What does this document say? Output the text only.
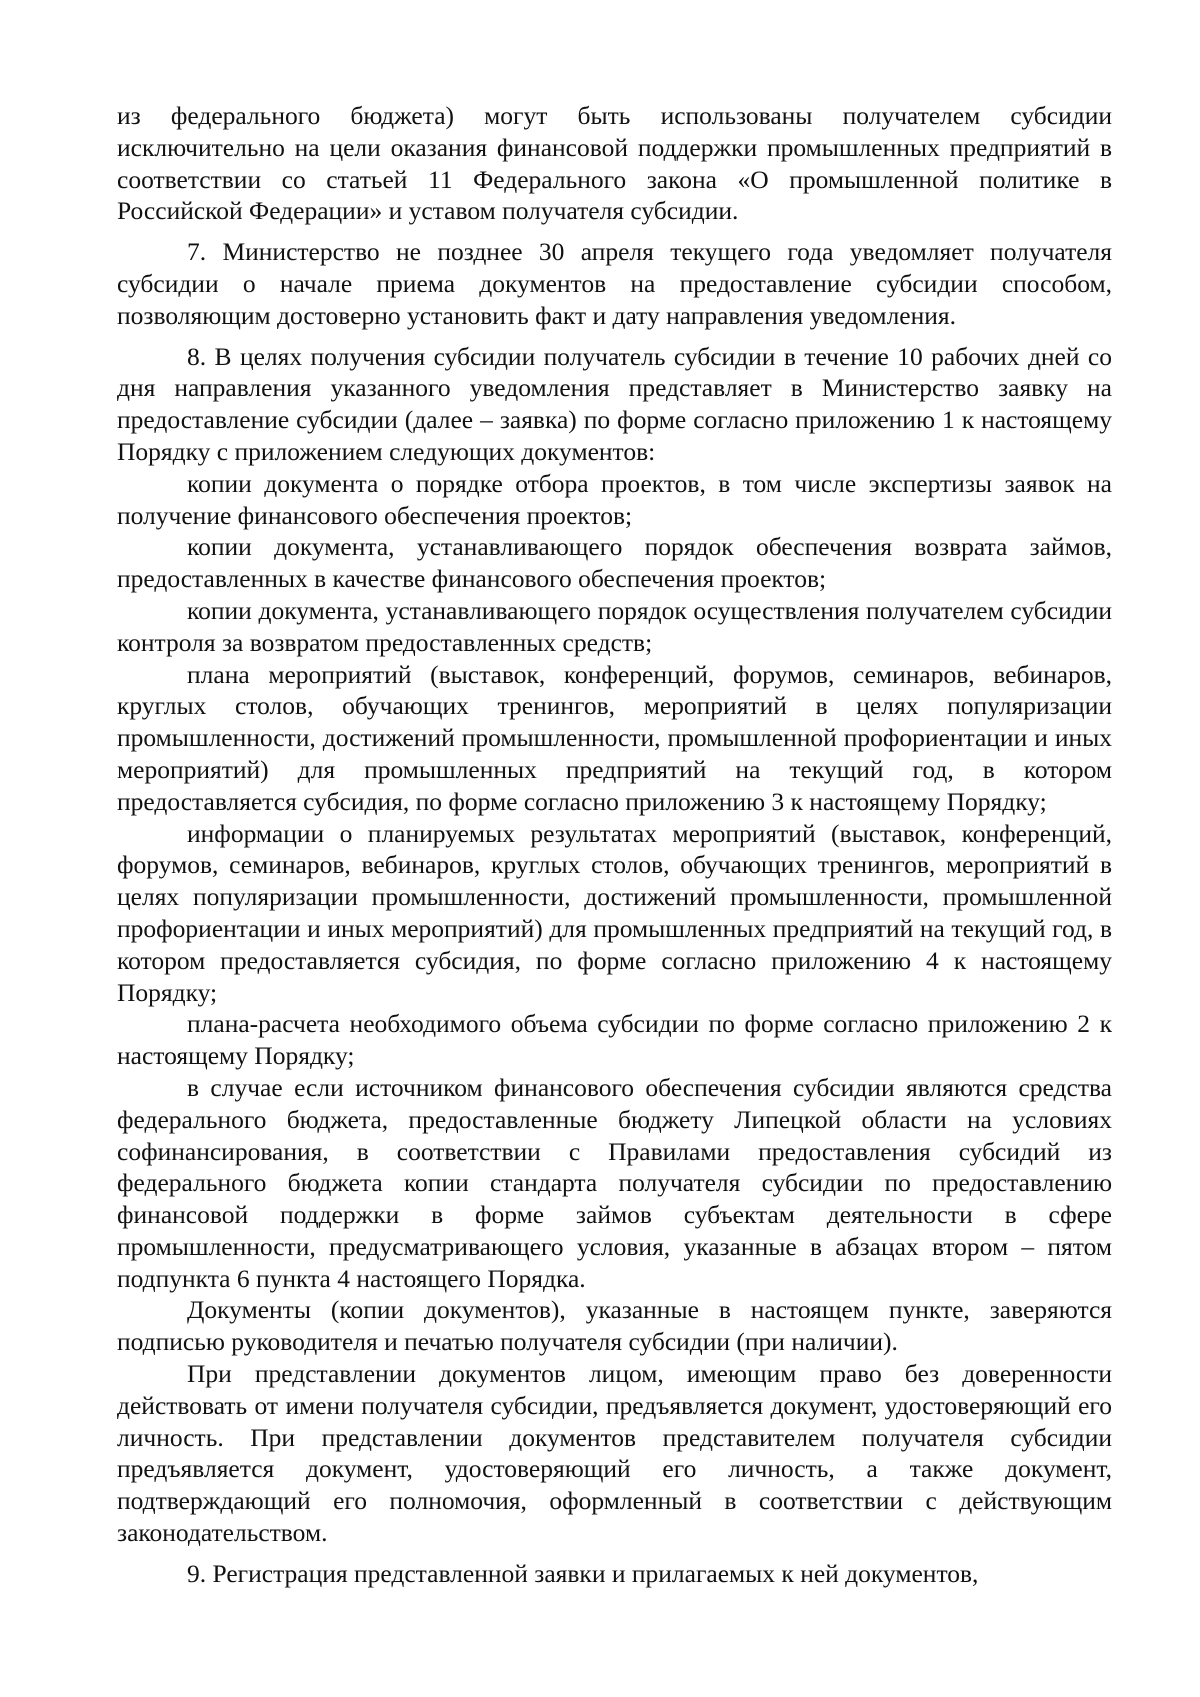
из федерального бюджета) могут быть использованы получателем субсидии исключительно на цели оказания финансовой поддержки промышленных предприятий в соответствии со статьей 11 Федерального закона «О промышленной политике в Российской Федерации» и уставом получателя субсидии.

7. Министерство не позднее 30 апреля текущего года уведомляет получателя субсидии о начале приема документов на предоставление субсидии способом, позволяющим достоверно установить факт и дату направления уведомления.

8. В целях получения субсидии получатель субсидии в течение 10 рабочих дней со дня направления указанного уведомления представляет в Министерство заявку на предоставление субсидии (далее – заявка) по форме согласно приложению 1 к настоящему Порядку с приложением следующих документов:

копии документа о порядке отбора проектов, в том числе экспертизы заявок на получение финансового обеспечения проектов;

копии документа, устанавливающего порядок обеспечения возврата займов, предоставленных в качестве финансового обеспечения проектов;

копии документа, устанавливающего порядок осуществления получателем субсидии контроля за возвратом предоставленных средств;

плана мероприятий (выставок, конференций, форумов, семинаров, вебинаров, круглых столов, обучающих тренингов, мероприятий в целях популяризации промышленности, достижений промышленности, промышленной профориентации и иных мероприятий) для промышленных предприятий на текущий год, в котором предоставляется субсидия, по форме согласно приложению 3 к настоящему Порядку;

информации о планируемых результатах мероприятий (выставок, конференций, форумов, семинаров, вебинаров, круглых столов, обучающих тренингов, мероприятий в целях популяризации промышленности, достижений промышленности, промышленной профориентации и иных мероприятий) для промышленных предприятий на текущий год, в котором предоставляется субсидия, по форме согласно приложению 4 к настоящему Порядку;

плана-расчета необходимого объема субсидии по форме согласно приложению 2 к настоящему Порядку;

в случае если источником финансового обеспечения субсидии являются средства федерального бюджета, предоставленные бюджету Липецкой области на условиях софинансирования, в соответствии с Правилами предоставления субсидий из федерального бюджета копии стандарта получателя субсидии по предоставлению финансовой поддержки в форме займов субъектам деятельности в сфере промышленности, предусматривающего условия, указанные в абзацах втором – пятом подпункта 6 пункта 4 настоящего Порядка.

Документы (копии документов), указанные в настоящем пункте, заверяются подписью руководителя и печатью получателя субсидии (при наличии).

При представлении документов лицом, имеющим право без доверенности действовать от имени получателя субсидии, предъявляется документ, удостоверяющий его личность. При представлении документов представителем получателя субсидии предъявляется документ, удостоверяющий его личность, а также документ, подтверждающий его полномочия, оформленный в соответствии с действующим законодательством.

9. Регистрация представленной заявки и прилагаемых к ней документов,
